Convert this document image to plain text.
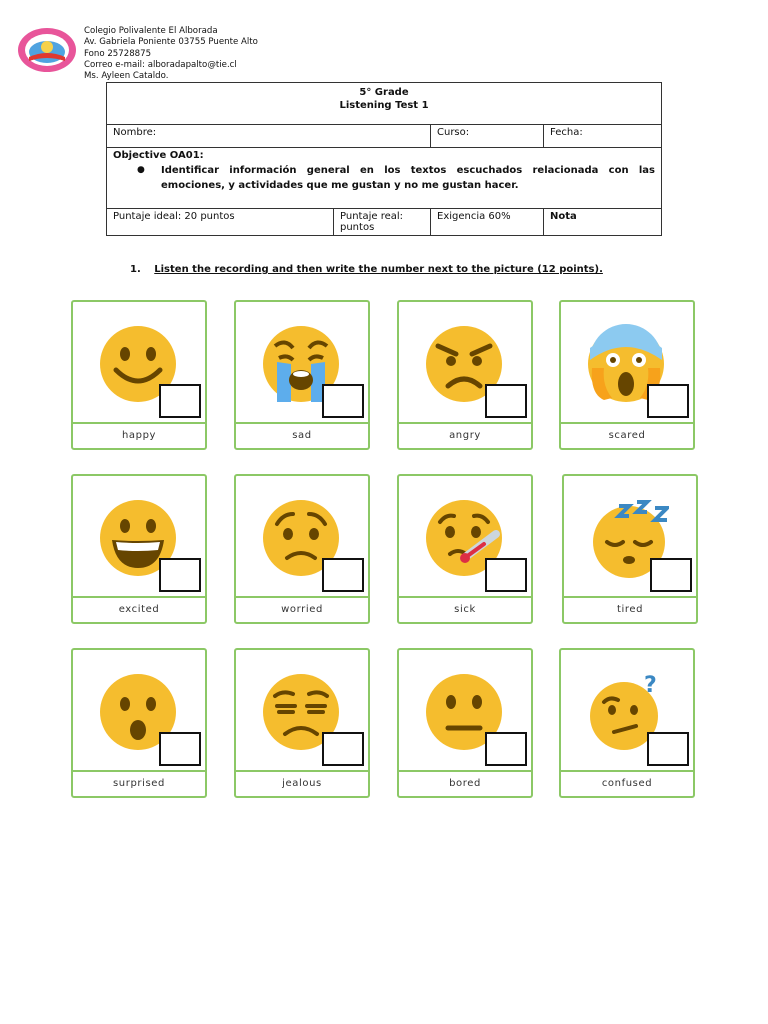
Colegio Polivalente El Alborada
Av. Gabriela Poniente 03755 Puente Alto
Fono 25728875
Correo e-mail: alboradapalto@tie.cl
Ms. Ayleen Cataldo.
5° Grade
Listening Test 1			

Nombre:		Curso:	Fecha:

Objective OA01:
● Identificar información general en los textos escuchados relacionada con las emociones, y actividades que me gustan y no me gustan hacer.			

Puntaje ideal: 20 puntos	Puntaje real: puntos	Exigencia 60%	Nota
1. Listen the recording and then write the number next to the picture (12 points).
happy	sad	angry	scared
excited	worried	sick	tired
surprised	jealous	bored
?
confused
